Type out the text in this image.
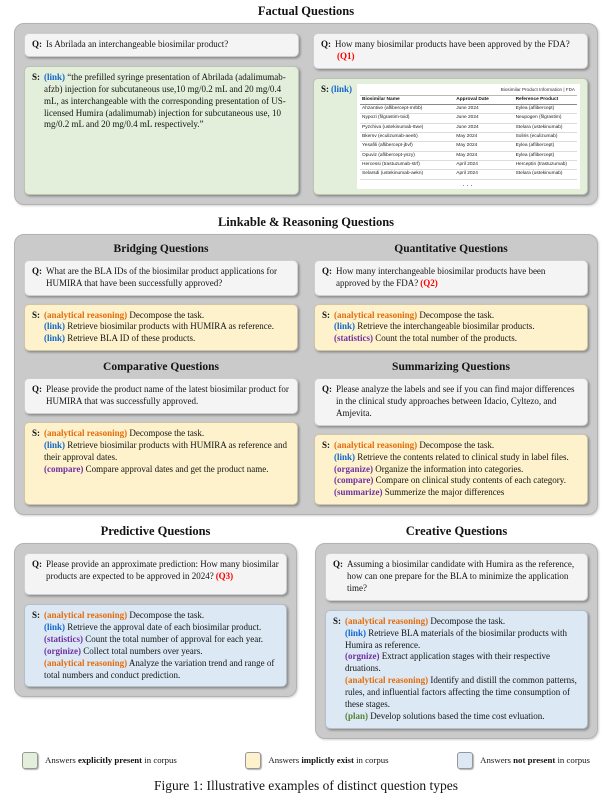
Factual Questions
Q: Is Abrilada an interchangeable biosimilar product?
S: (link) “the prefilled syringe presentation of Abrilada (adalimumab-afzb) injection for subcutaneous use,10 mg/0.2 mL and 20 mg/0.4 mL, as interchangeable with the corresponding presentation of US-licensed Humira (adalimumab) injection for subcutaneous use, 10 mg/0.2 mL and 20 mg/0.4 mL respectively.”
Q: How many biosimilar products have been approved by the FDA?(Q1)
S: (link)	Biosimilar Product Information | FDA
Biosimilar Name	Approval Date	Reference Product
Ahzantive (aflibercept-mrbb)	June 2024	Eylea (aflibercept)
Nypozi (filgrastim-txid)	June 2024	Neupogen (filgrastim)
Pyzchiva (ustekinumab-ttwe)	June 2024	Stelara (ustekinumab)
Bkemv (eculizumab-aeeb)	May 2024	Soliris (eculizumab)
Yesafili (aflibercept-jbvf)	May 2024	Eylea (aflibercept)
Opuviz (aflibercept-yszy)	May 2024	Eylea (aflibercept)
Hercessi (trastuzumab-strf)	April 2024	Herceptin (trastuzumab)
Selarsdi (ustekinumab-aekn)	April 2024	Stelara (ustekinumab)
...
Linkable & Reasoning Questions
Bridging Questions
Q: What are the BLA IDs of the biosimilar product applications for HUMIRA that have been successfully approved?
S: (analytical reasoning) Decompose the task.
(link) Retrieve biosimilar products with HUMIRA as reference.
(link) Retrieve BLA ID of these products.
Quantitative Questions
Q: How many interchangeable biosimilar products have been approved by the FDA? (Q2)
S: (analytical reasoning) Decompose the task.
(link) Retrieve the interchangeable biosimilar products.
(statistics) Count the total number of the products.
Comparative Questions
Q: Please provide the product name of the latest biosimilar product for HUMIRA that was successfully approved.
S: (analytical reasoning) Decompose the task.
(link) Retrieve biosimilar products with HUMIRA as reference and their approval dates.
(compare) Compare approval dates and get the product name.
Summarizing Questions
Q: Please analyze the labels and see if you can find major differences in the clinical study approaches between Idacio, Cyltezo, and Amjevita.
S: (analytical reasoning) Decompose the task.
(link) Retrieve the contents related to clinical study in label files.
(organize) Organize the information into categories.
(compare) Compare on clinical study contents of each category.
(summarize) Summerize the major differences
Predictive Questions
Q: Please provide an approximate prediction: How many biosimilar products are expected to be approved in 2024? (Q3)
S: (analytical reasoning) Decompose the task.
(link) Retrieve the approval date of each biosimilar product.
(statistics) Count the total number of approval for each year.
(orginize) Collect total numbers over years.
(analytical reasoning) Analyze the variation trend and range of total numbers and conduct prediction.
Creative Questions
Q: Assuming a biosimilar candidate with Humira as the reference, how can one prepare for the BLA to minimize the application time?
S: (analytical reasoning) Decompose the task.
(link) Retrieve BLA materials of the biosimilar products with Humira as reference.
(orgnize) Extract application stages with their respective druations.
(analytical reasoning) Identify and distill the common patterns, rules, and influential factors affecting the time consumption of these stages.
(plan) Develop solutions based the time cost evluation.
Answers explicitly present in corpus	Answers implictly exist in corpus	Answers not present in corpus
Figure 1: Illustrative examples of distinct question types
